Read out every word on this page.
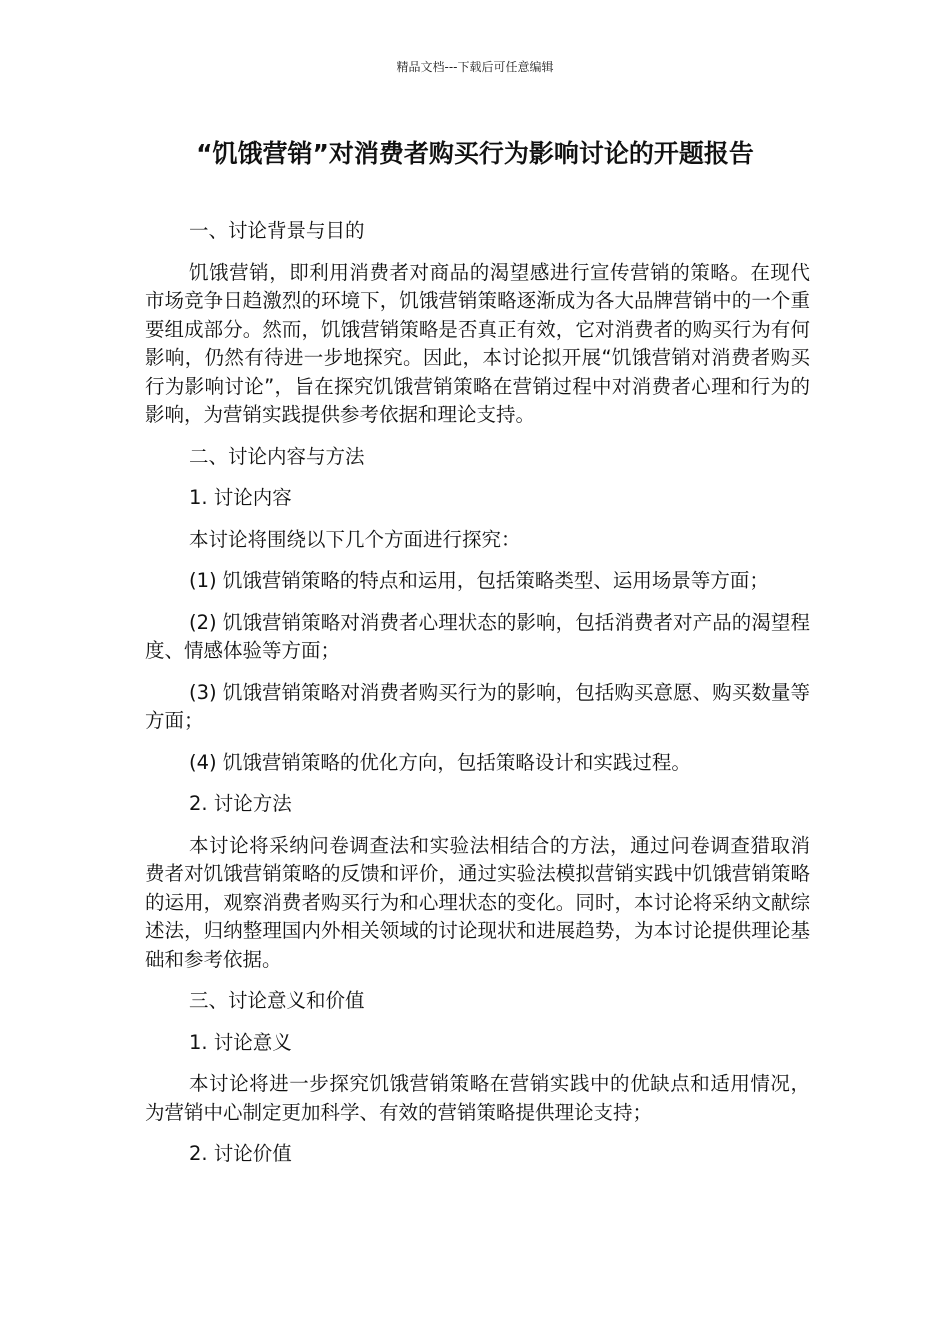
精品文档---下载后可任意编辑
“饥饿营销”对消费者购买行为影响讨论的开题报告

一、讨论背景与目的

饥饿营销，即利用消费者对商品的渴望感进行宣传营销的策略。在现代市场竞争日趋激烈的环境下，饥饿营销策略逐渐成为各大品牌营销中的一个重要组成部分。然而，饥饿营销策略是否真正有效，它对消费者的购买行为有何影响，仍然有待进一步地探究。因此，本讨论拟开展“饥饿营销对消费者购买行为影响讨论”，旨在探究饥饿营销策略在营销过程中对消费者心理和行为的影响，为营销实践提供参考依据和理论支持。

二、讨论内容与方法

1. 讨论内容

本讨论将围绕以下几个方面进行探究：

(1) 饥饿营销策略的特点和运用，包括策略类型、运用场景等方面；

(2) 饥饿营销策略对消费者心理状态的影响，包括消费者对产品的渴望程度、情感体验等方面；

(3) 饥饿营销策略对消费者购买行为的影响，包括购买意愿、购买数量等方面；

(4) 饥饿营销策略的优化方向，包括策略设计和实践过程。

2. 讨论方法

本讨论将采纳问卷调查法和实验法相结合的方法，通过问卷调查猎取消费者对饥饿营销策略的反馈和评价，通过实验法模拟营销实践中饥饿营销策略的运用，观察消费者购买行为和心理状态的变化。同时，本讨论将采纳文献综述法，归纳整理国内外相关领域的讨论现状和进展趋势，为本讨论提供理论基础和参考依据。

三、讨论意义和价值

1. 讨论意义

本讨论将进一步探究饥饿营销策略在营销实践中的优缺点和适用情况，为营销中心制定更加科学、有效的营销策略提供理论支持；

2. 讨论价值
